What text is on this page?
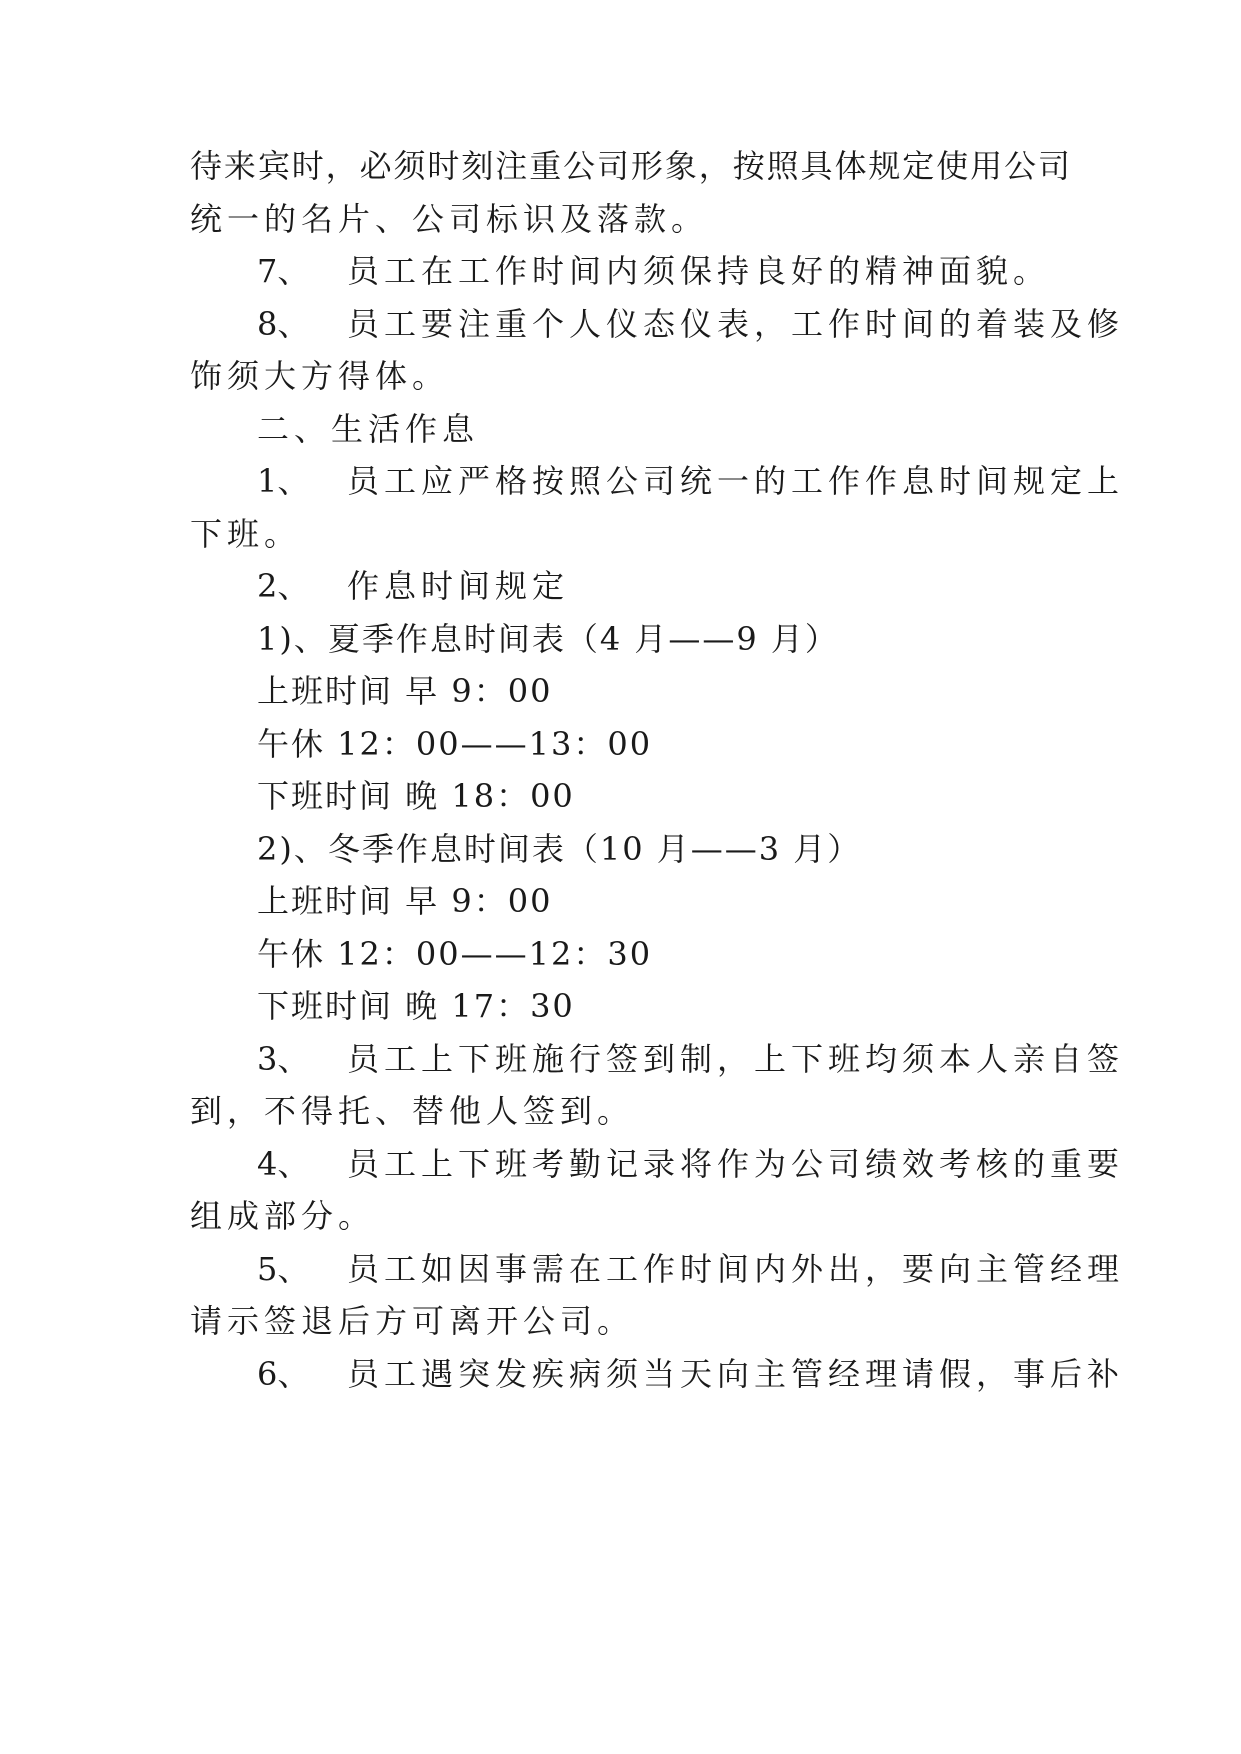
待来宾时，必须时刻注重公司形象，按照具体规定使用公司
统一的名片、公司标识及落款。
7、 员工在工作时间内须保持良好的精神面貌。
8、 员工要注重个人仪态仪表，工作时间的着装及修
饰须大方得体。
二、生活作息
1、 员工应严格按照公司统一的工作作息时间规定上
下班。
2、 作息时间规定
1)、夏季作息时间表（4 月——9 月）
上班时间 早 9：00
午休 12：00——13：00
下班时间 晚 18：00
2)、冬季作息时间表（10 月——3 月）
上班时间 早 9：00
午休 12：00——12：30
下班时间 晚 17：30
3、 员工上下班施行签到制，上下班均须本人亲自签
到，不得托、替他人签到。
4、 员工上下班考勤记录将作为公司绩效考核的重要
组成部分。
5、 员工如因事需在工作时间内外出，要向主管经理
请示签退后方可离开公司。
6、 员工遇突发疾病须当天向主管经理请假，事后补
